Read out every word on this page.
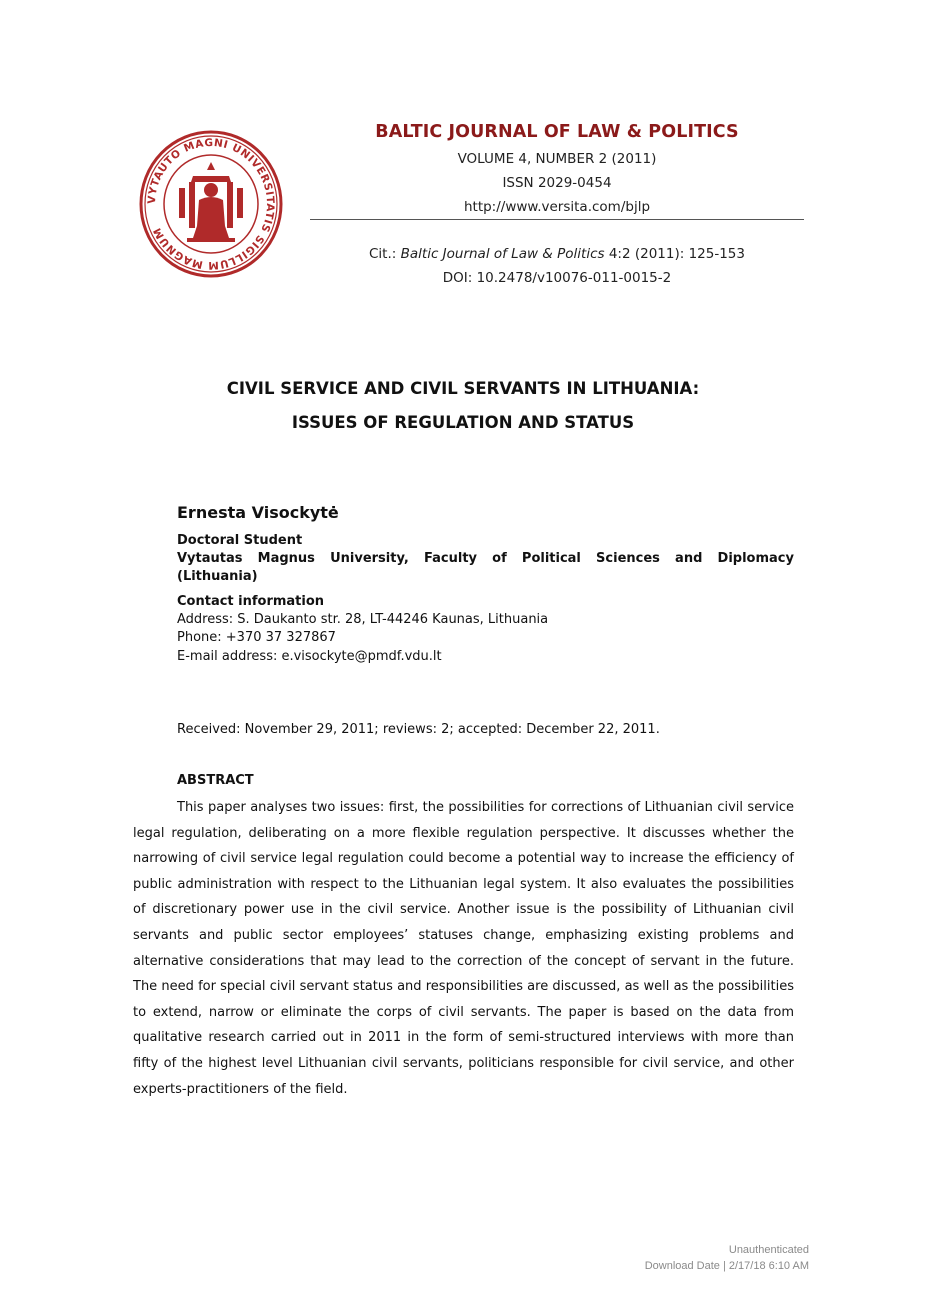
VYTAUTO MAGNI UNIVERSITATIS SIGILLUM MAGNUM
BALTIC JOURNAL OF LAW & POLITICS
VOLUME 4, NUMBER 2 (2011)
ISSN 2029-0454
http://www.versita.com/bjlp
Cit.: Baltic Journal of Law & Politics 4:2 (2011): 125-153
DOI: 10.2478/v10076-011-0015-2
CIVIL SERVICE AND CIVIL SERVANTS IN LITHUANIA:
ISSUES OF REGULATION AND STATUS
Ernesta Visockytė
Doctoral Student
Vytautas Magnus University, Faculty of Political Sciences and Diplomacy (Lithuania)
Contact information
Address: S. Daukanto str. 28, LT-44246 Kaunas, Lithuania
Phone: +370 37 327867
E-mail address: e.visockyte@pmdf.vdu.lt
Received: November 29, 2011; reviews: 2; accepted: December 22, 2011.
ABSTRACT

This paper analyses two issues: first, the possibilities for corrections of Lithuanian civil service legal regulation, deliberating on a more flexible regulation perspective. It discusses whether the narrowing of civil service legal regulation could become a potential way to increase the efficiency of public administration with respect to the Lithuanian legal system. It also evaluates the possibilities of discretionary power use in the civil service. Another issue is the possibility of Lithuanian civil servants and public sector employees’ statuses change, emphasizing existing problems and alternative considerations that may lead to the correction of the concept of servant in the future. The need for special civil servant status and responsibilities are discussed, as well as the possibilities to extend, narrow or eliminate the corps of civil servants. The paper is based on the data from qualitative research carried out in 2011 in the form of semi-structured interviews with more than fifty of the highest level Lithuanian civil servants, politicians responsible for civil service, and other experts-practitioners of the field.

Unauthenticated
Download Date | 2/17/18 6:10 AM
